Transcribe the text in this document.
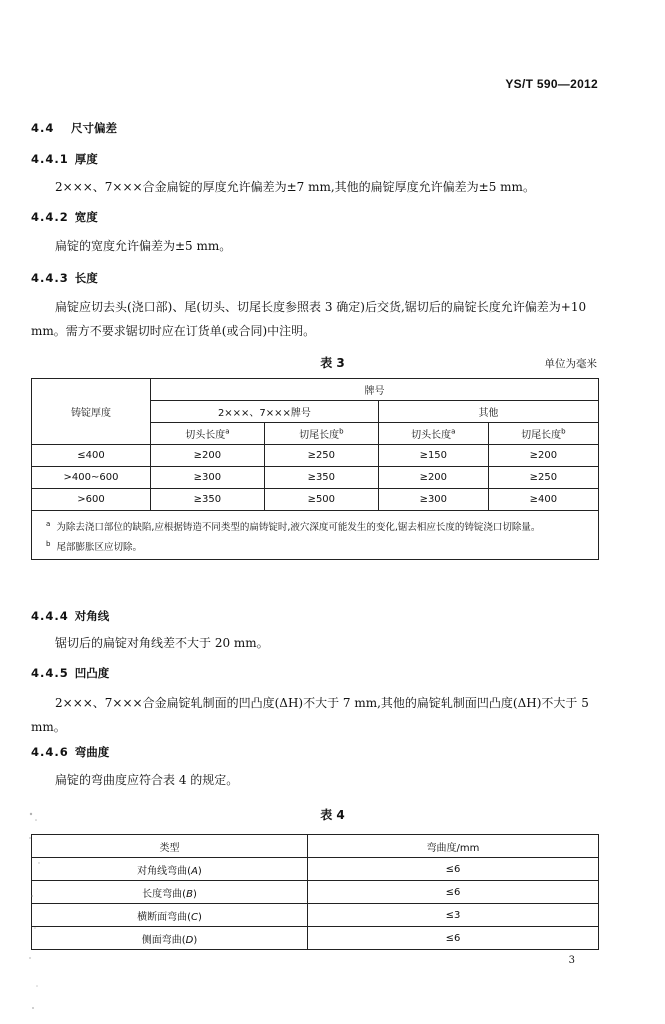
YS/T 590—2012
4.4 尺寸偏差
4.4.1 厚度
2×××、7×××合金扁锭的厚度允许偏差为±7 mm,其他的扁锭厚度允许偏差为±5 mm。
4.4.2 宽度
扁锭的宽度允许偏差为±5 mm。
4.4.3 长度
扁锭应切去头(浇口部)、尾(切头、切尾长度参照表 3 确定)后交货,锯切后的扁锭长度允许偏差为+10 mm。需方不要求锯切时应在订货单(或合同)中注明。
表 3	单位为毫米
铸锭厚度	牌号			
	2×××、7×××牌号		其他	
	切头长度$^a$	切尾长度$^b$	切头长度$^a$	切尾长度$^b$
≤400	≥200	≥250	≥150	≥200
>400~600	≥300	≥350	≥200	≥250
>600	≥350	≥500	≥300	≥400

$^a$ 为除去浇口部位的缺陷,应根据铸造不同类型的扁铸锭时,液穴深度可能发生的变化,锯去相应长度的铸锭浇口切除量。
$^b$ 尾部膨胀区应切除。				
4.4.4 对角线
锯切后的扁锭对角线差不大于 20 mm。
4.4.5 凹凸度
2×××、7×××合金扁锭轧制面的凹凸度(ΔH)不大于 7 mm,其他的扁锭轧制面凹凸度(ΔH)不大于 5 mm。
4.4.6 弯曲度
扁锭的弯曲度应符合表 4 的规定。
表 4
类型	弯曲度/mm
对角线弯曲(A)	≤6
长度弯曲(B)	≤6
横断面弯曲(C)	≤3
侧面弯曲(D)	≤6
3
